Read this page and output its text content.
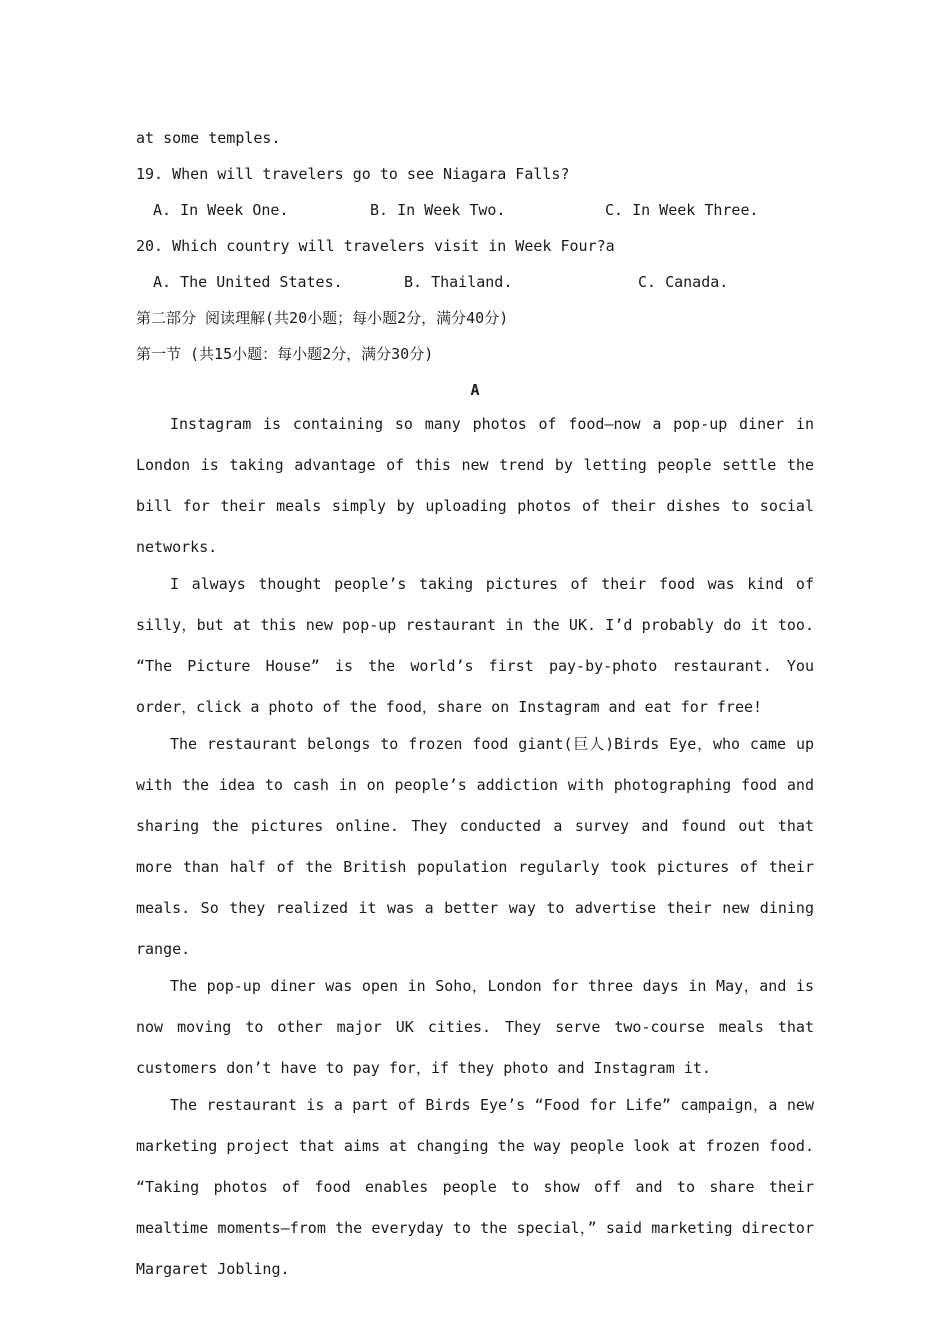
at some temples.
19. When will travelers go to see Niagara Falls?
A. In Week One.	B. In Week Two.	C. In Week Three.
20. Which country will travelers visit in Week Four?a
A. The United States.	B. Thailand.	C. Canada.
第二部分 阅读理解(共20小题；每小题2分，满分40分)
第一节 (共15小题：每小题2分，满分30分)
A

Instagram is containing so many photos of food—now a pop-up diner in London is taking advantage of this new trend by letting people settle the bill for their meals simply by uploading photos of their dishes to social networks.

I always thought people’s taking pictures of their food was kind of silly，but at this new pop-up restaurant in the UK. I’d probably do it too. “The Picture House” is the world’s first pay-by-photo restaurant. You order，click a photo of the food，share on Instagram and eat for free!

The restaurant belongs to frozen food giant(巨人)Birds Eye，who came up with the idea to cash in on people’s addiction with photographing food and sharing the pictures online. They conducted a survey and found out that more than half of the British population regularly took pictures of their meals. So they realized it was a better way to advertise their new dining range.

The pop-up diner was open in Soho，London for three days in May，and is now moving to other major UK cities. They serve two-course meals that customers don’t have to pay for，if they photo and Instagram it.

The restaurant is a part of Birds Eye’s “Food for Life” campaign，a new marketing project that aims at changing the way people look at frozen food. “Taking photos of food enables people to show off and to share their mealtime moments—from the everyday to the special，” said marketing director Margaret Jobling.
